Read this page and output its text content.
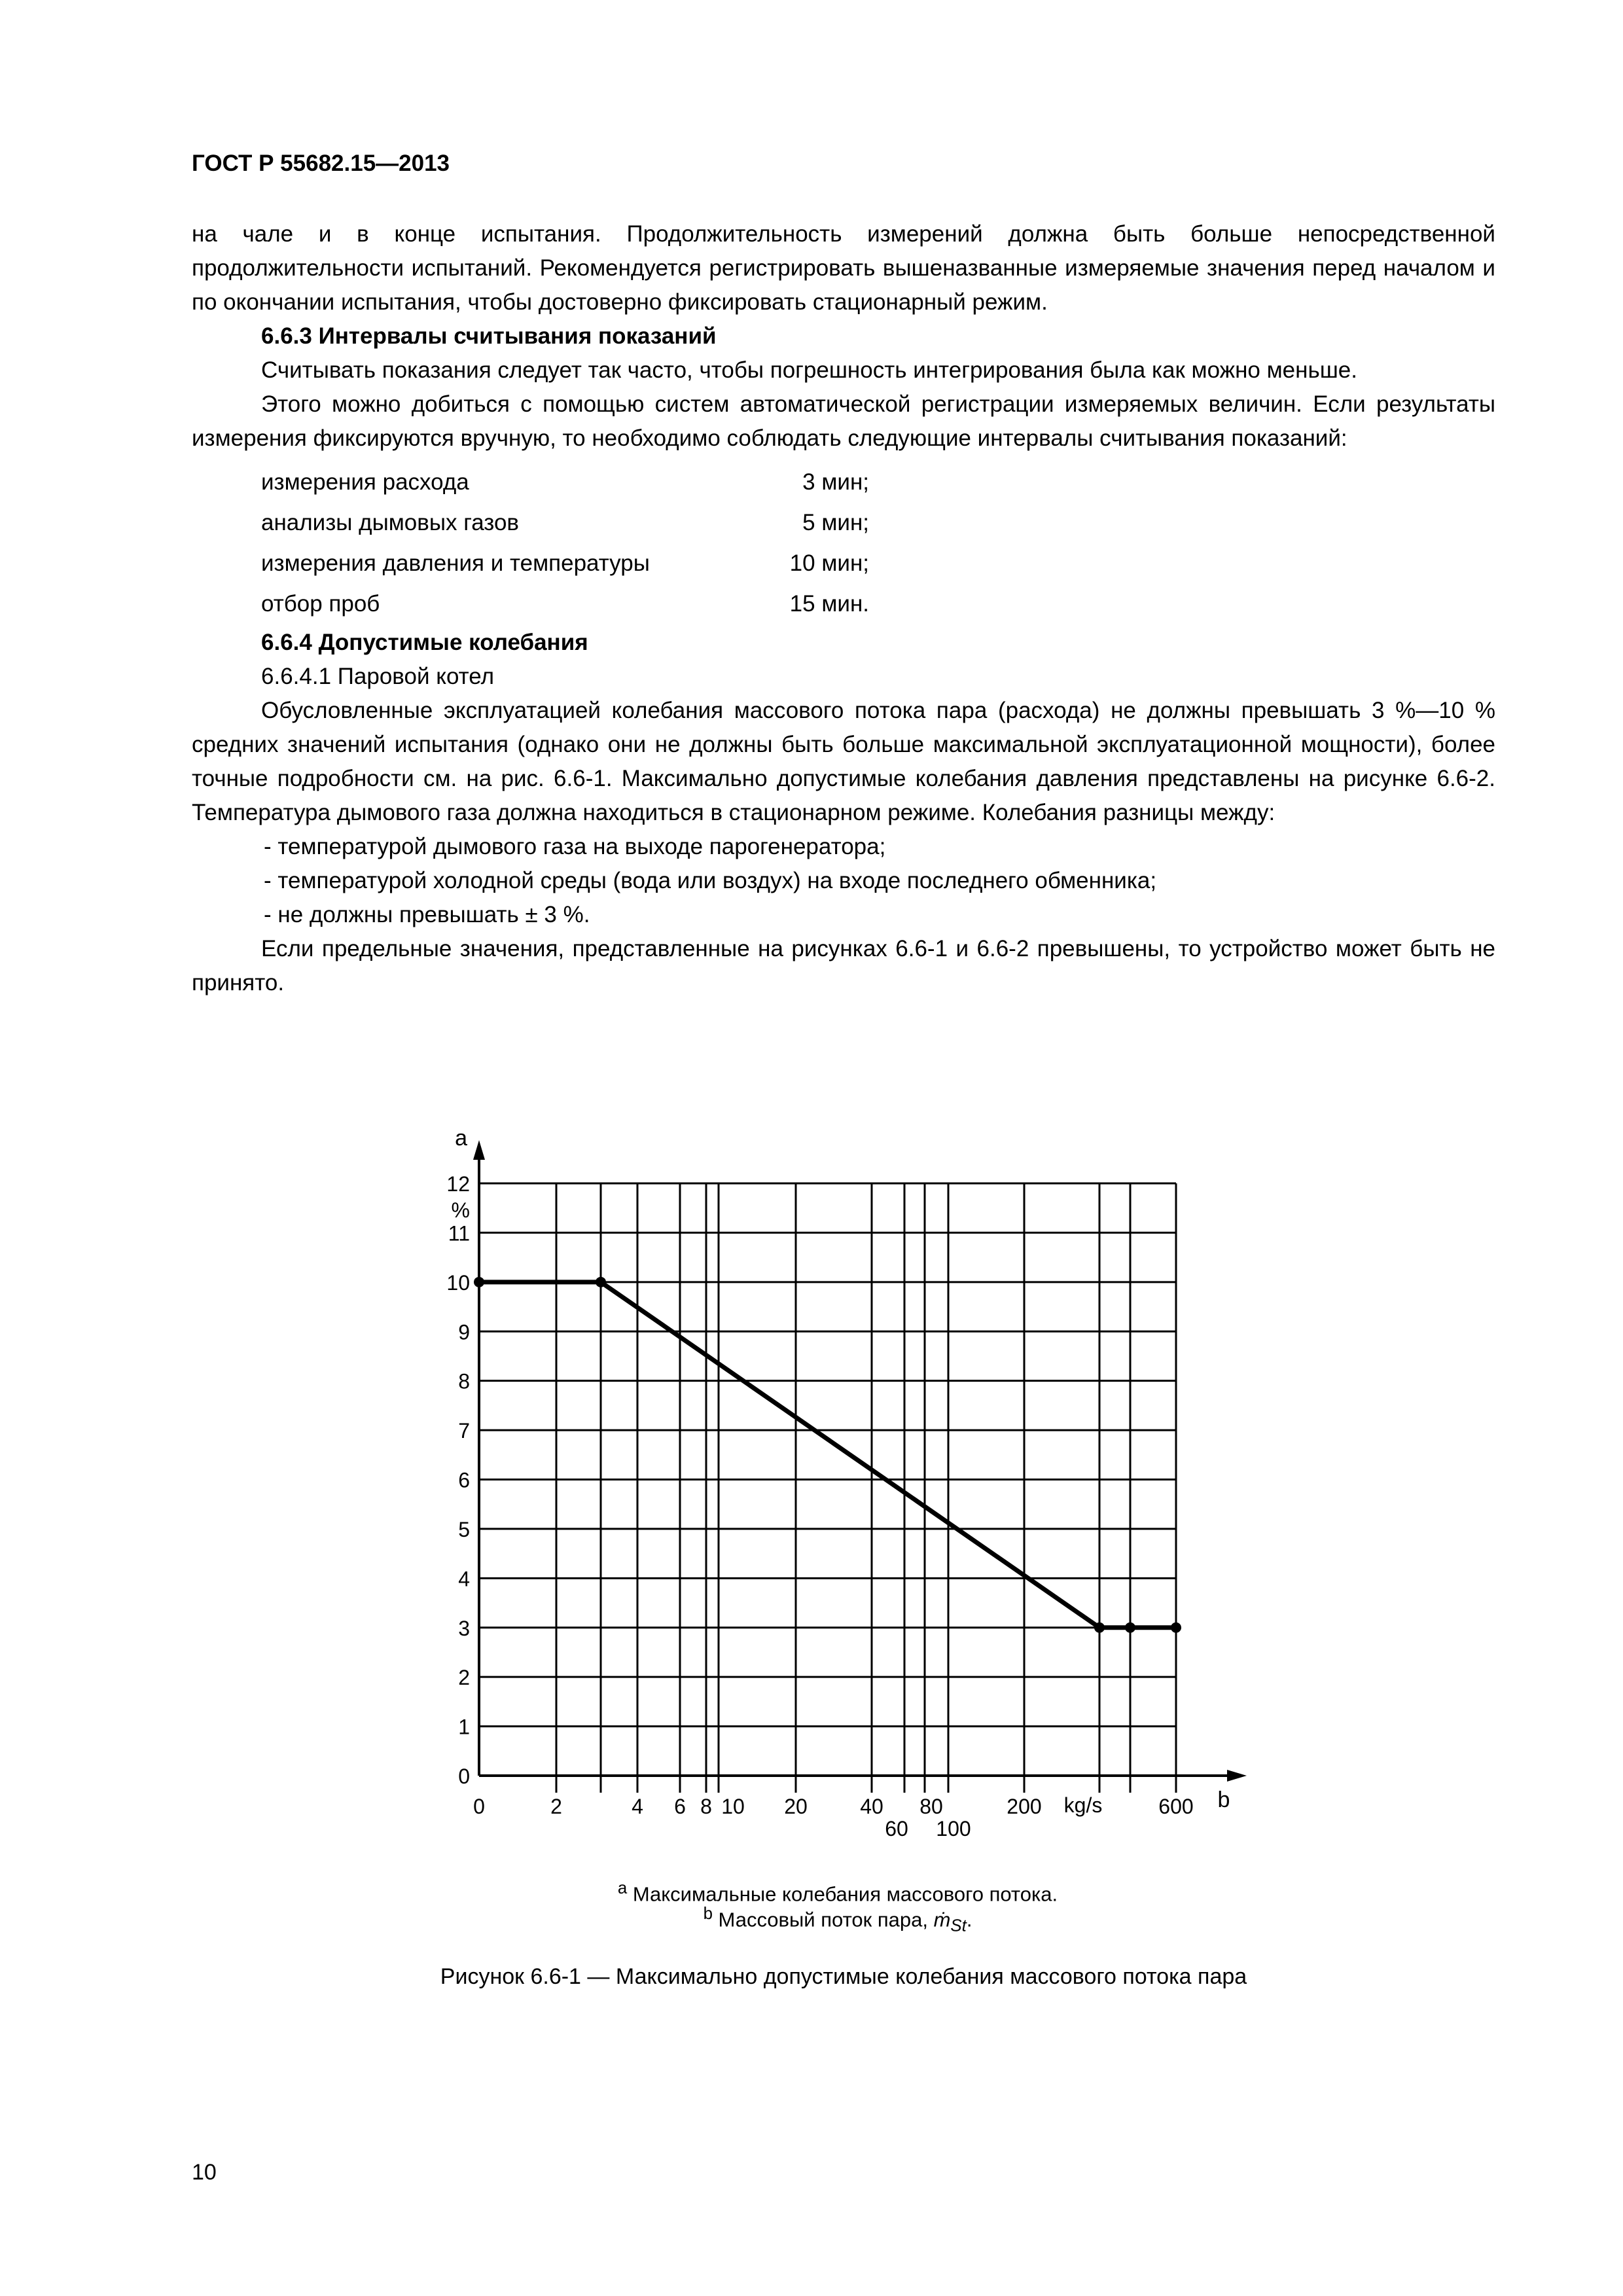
ГОСТ Р 55682.15—2013

на чале и в конце испытания. Продолжительность измерений должна быть больше непосредственной продолжительности испытаний. Рекомендуется регистрировать вышеназванные измеряемые значения перед началом и по окончании испытания, чтобы достоверно фиксировать стационарный режим.

6.6.3 Интервалы считывания показаний

Считывать показания следует так часто, чтобы погрешность интегрирования была как можно меньше.

Этого можно добиться с помощью систем автоматической регистрации измеряемых величин. Если результаты измерения фиксируются вручную, то необходимо соблюдать следующие интервалы считывания показаний:

измерения расхода	3 мин;
анализы дымовых газов	5 мин;
измерения давления и температуры	10 мин;
отбор проб	15 мин.

6.6.4 Допустимые колебания

6.6.4.1 Паровой котел

Обусловленные эксплуатацией колебания массового потока пара (расхода) не должны превышать 3 %—10 % средних значений испытания (однако они не должны быть больше максимальной эксплуатационной мощности), более точные подробности см. на рис. 6.6-1. Максимально допустимые колебания давления представлены на рисунке 6.6-2. Температура дымового газа должна находиться в стационарном режиме. Колебания разницы между:

- температурой дымового газа на выходе парогенератора;

- температурой холодной среды (вода или воздух) на входе последнего обменника;

- не должны превышать ± 3 %.

Если предельные значения, представленные на рисунках 6.6-1 и 6.6-2 превышены, то устройство может быть не принято.

0
1
2
3
4
5
6
7
8
9
10
11
12
%
a
0	2	4 6 8 10 20	40 80	200	600
60 100
kg/s	b
$^a$ Максимальные колебания массового потока.
$^b$ Массовый поток пара, ṁ$_{St}$.
Рисунок 6.6-1 — Максимально допустимые колебания массового потока пара
10
